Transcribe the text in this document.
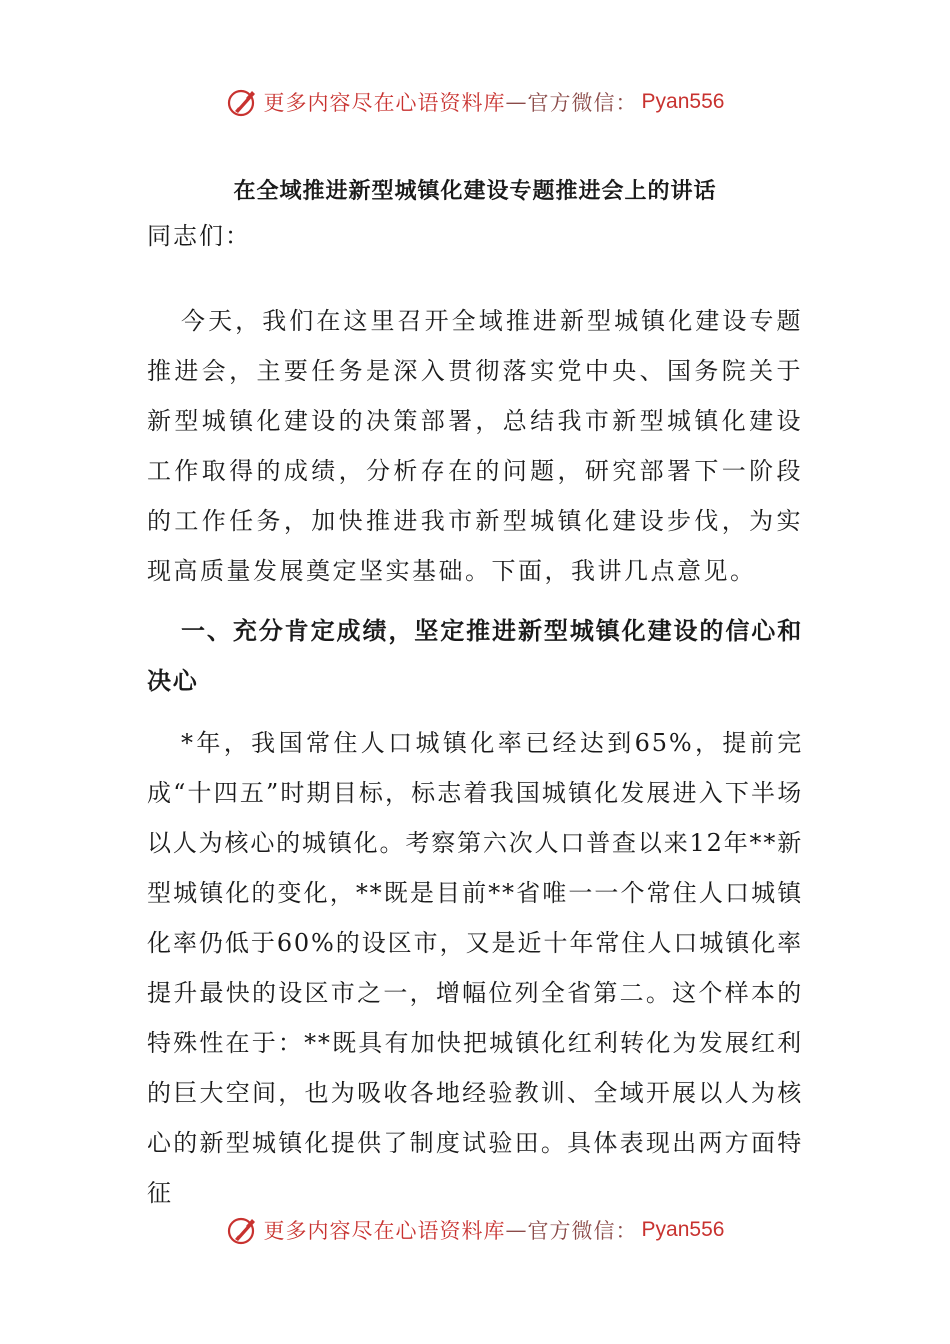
更多内容尽在心语资料库 — 官方微信： Pyan556
在全域推进新型城镇化建设专题推进会上的讲话

同志们：

今天，我们在这里召开全域推进新型城镇化建设专题推进会，主要任务是深入贯彻落实党中央、国务院关于新型城镇化建设的决策部署，总结我市新型城镇化建设工作取得的成绩，分析存在的问题，研究部署下一阶段的工作任务，加快推进我市新型城镇化建设步伐，为实现高质量发展奠定坚实基础。下面，我讲几点意见。

一、充分肯定成绩，坚定推进新型城镇化建设的信心和决心

*年，我国常住人口城镇化率已经达到65%，提前完成“十四五”时期目标，标志着我国城镇化发展进入下半场以人为核心的城镇化。考察第六次人口普查以来12年**新型城镇化的变化，**既是目前**省唯一一个常住人口城镇化率仍低于60%的设区市，又是近十年常住人口城镇化率提升最快的设区市之一，增幅位列全省第二。这个样本的特殊性在于：**既具有加快把城镇化红利转化为发展红利的巨大空间，也为吸收各地经验教训、全域开展以人为核心的新型城镇化提供了制度试验田。具体表现出两方面特征

更多内容尽在心语资料库 — 官方微信： Pyan556
